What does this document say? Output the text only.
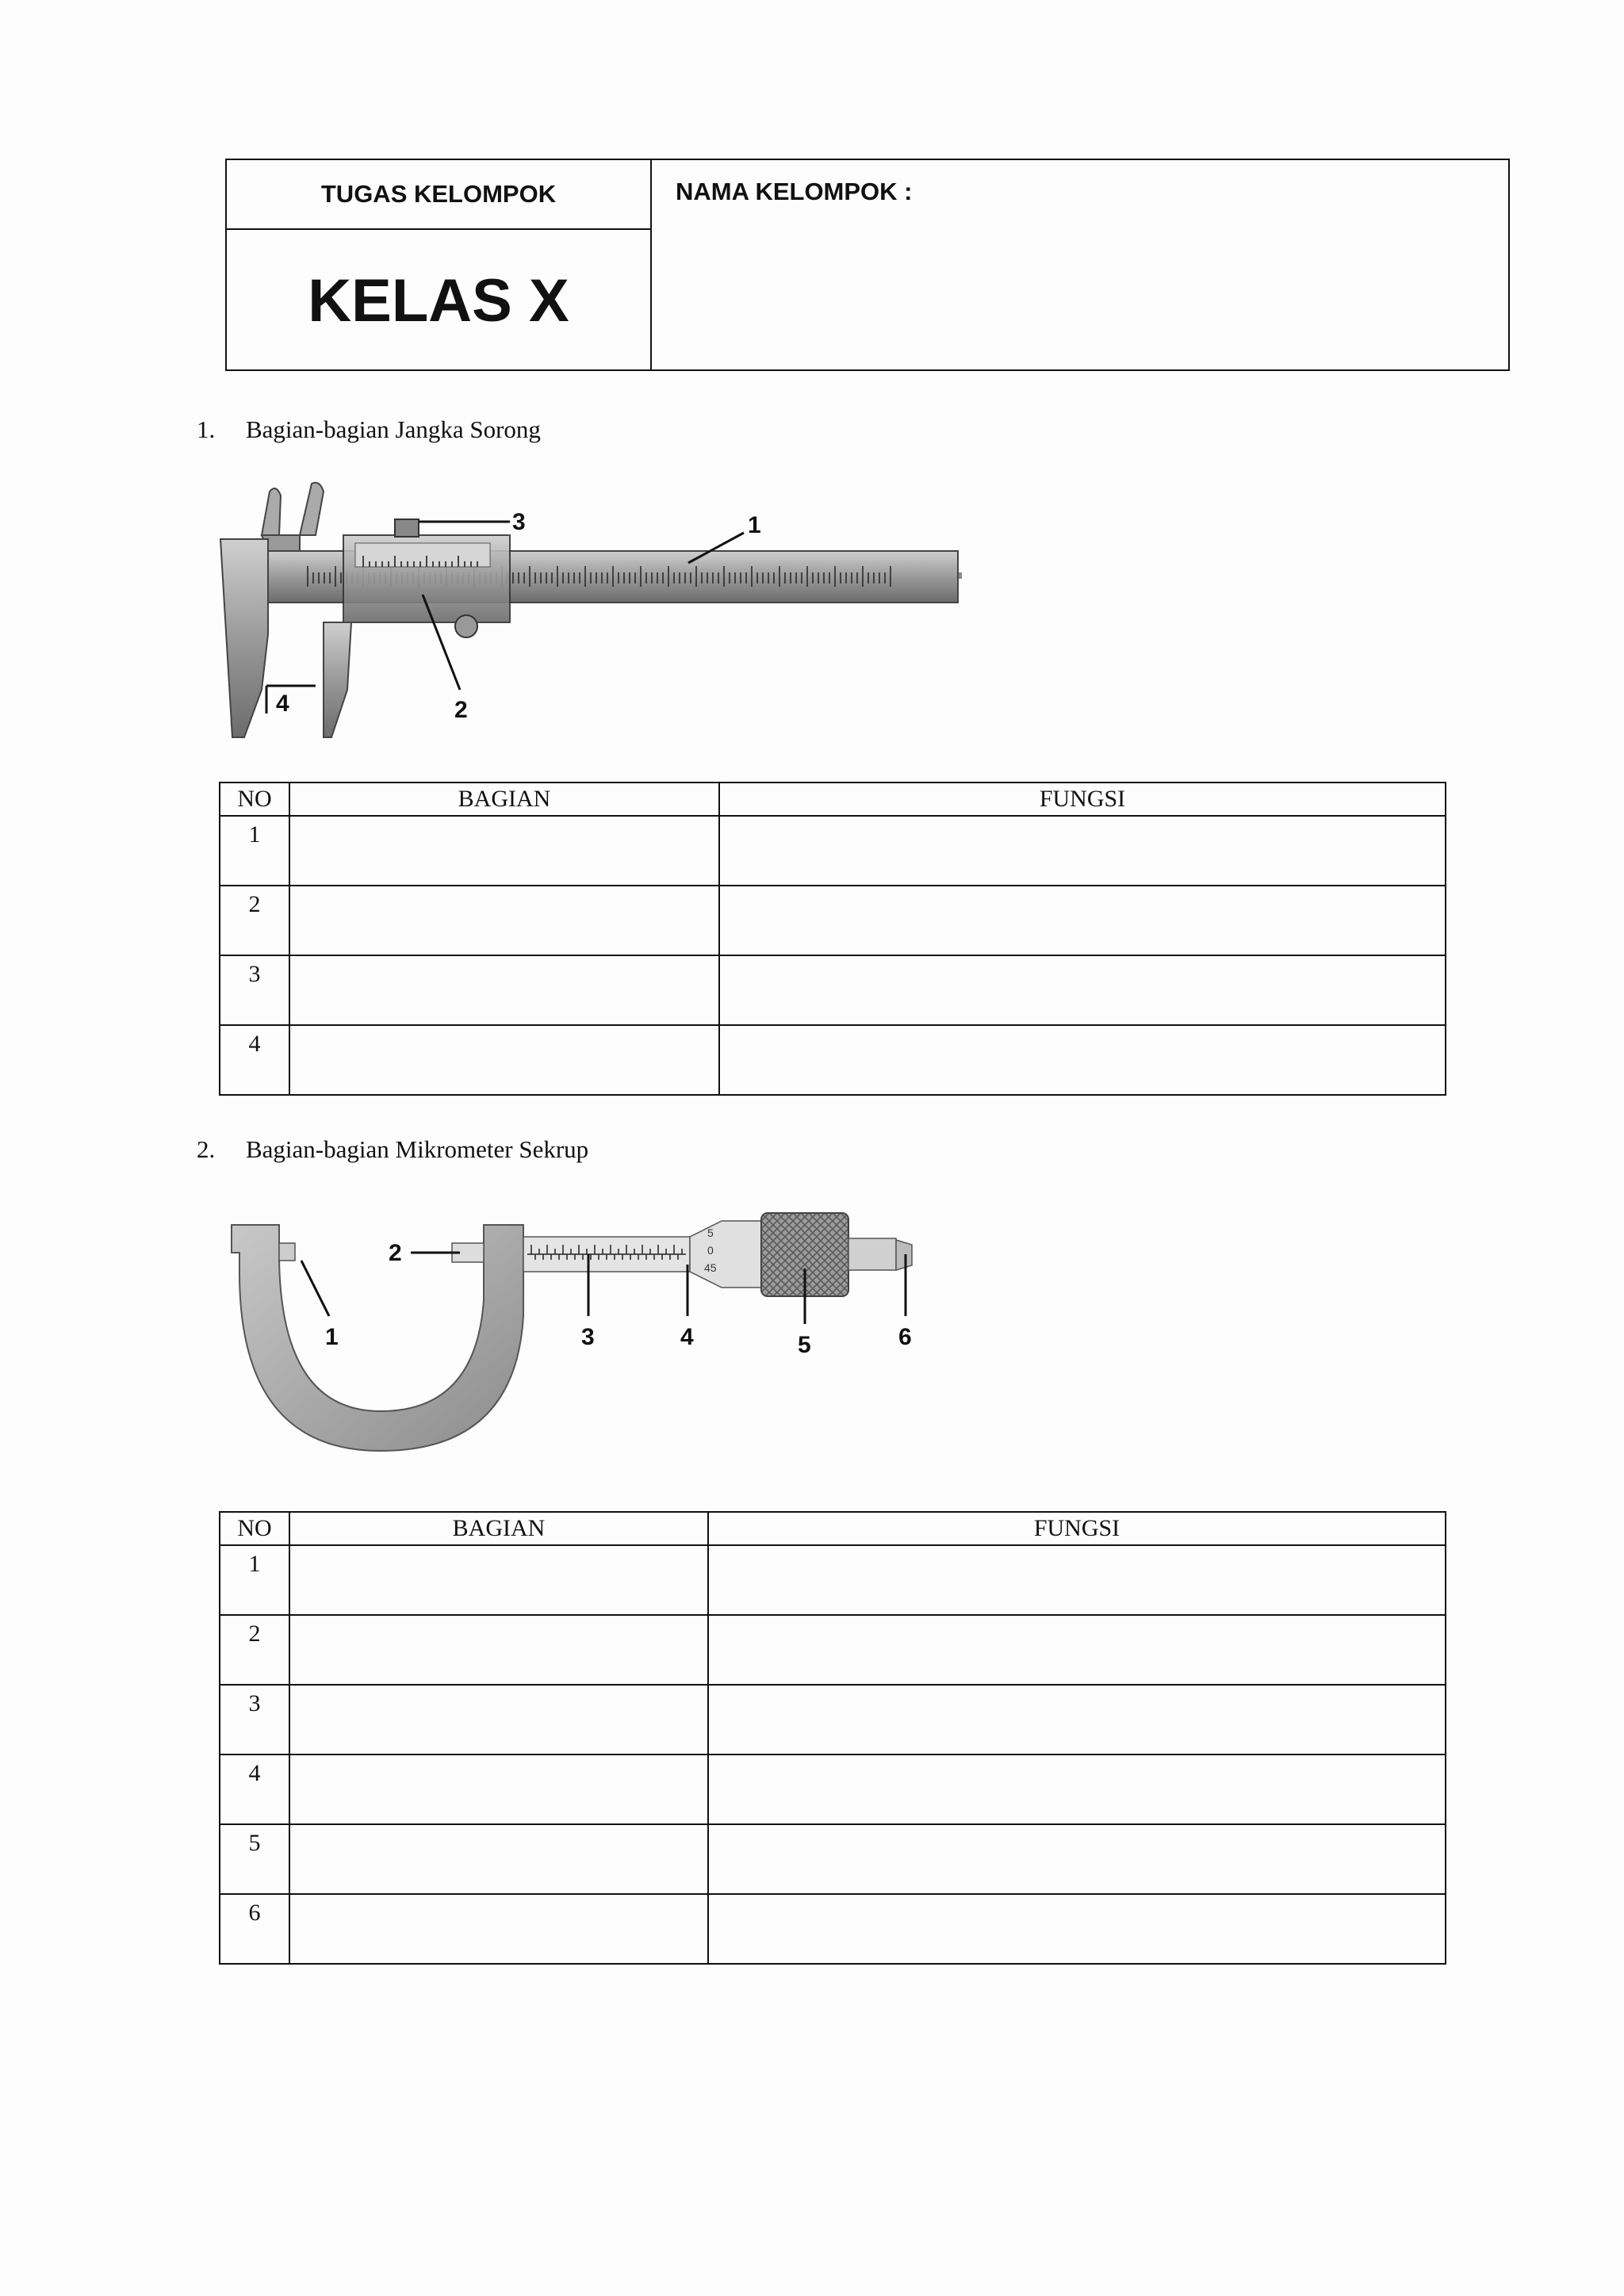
TUGAS KELOMPOK
KELAS X
NAMA KELOMPOK :
1. Bagian-bagian Jangka Sorong
1
2
3
4
NO	BAGIAN	FUNGSI
1		
2		
3		
4		
2. Bagian-bagian Mikrometer Sekrup
5
0
45
1
2
3	4	5	6
NO	BAGIAN	FUNGSI
1		
2		
3		
4		
5		
6		
